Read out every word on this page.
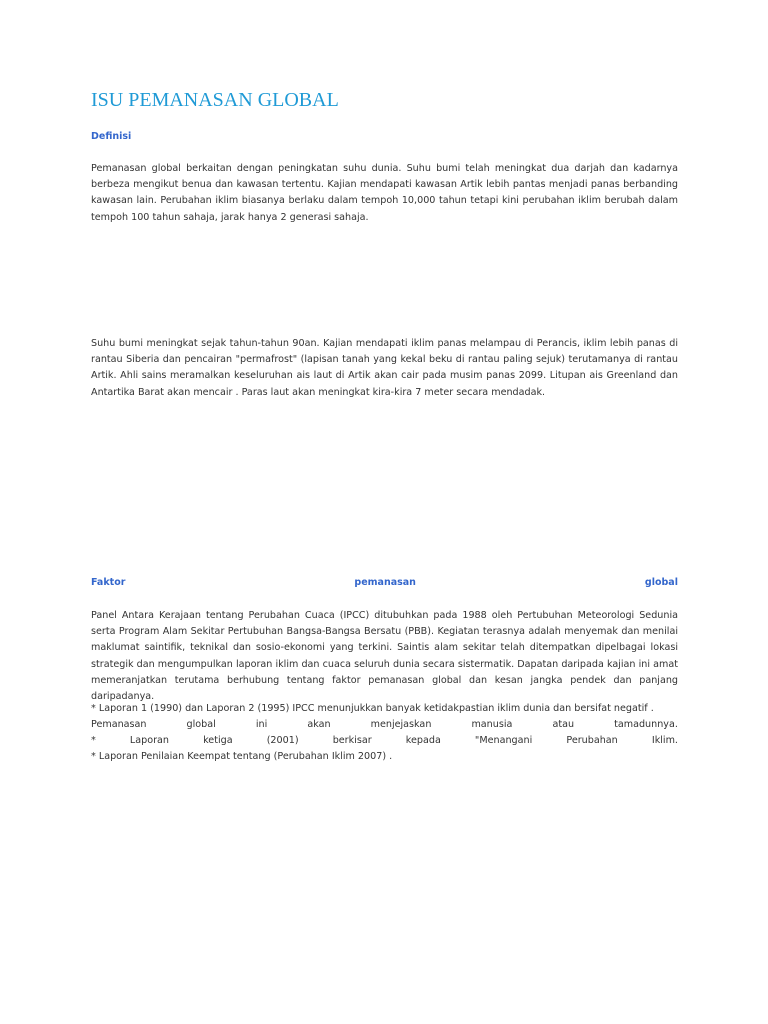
ISU PEMANASAN GLOBAL
Definisi

Pemanasan global berkaitan dengan peningkatan suhu dunia. Suhu bumi telah meningkat dua darjah dan kadarnya berbeza mengikut benua dan kawasan tertentu. Kajian mendapati kawasan Artik lebih pantas menjadi panas berbanding kawasan lain. Perubahan iklim biasanya berlaku dalam tempoh 10,000 tahun tetapi kini perubahan iklim berubah dalam tempoh 100 tahun sahaja, jarak hanya 2 generasi sahaja.

Suhu bumi meningkat sejak tahun-tahun 90an. Kajian mendapati iklim panas melampau di Perancis, iklim lebih panas di rantau Siberia dan pencairan "permafrost" (lapisan tanah yang kekal beku di rantau paling sejuk) terutamanya di rantau Artik. Ahli sains meramalkan keseluruhan ais laut di Artik akan cair pada musim panas 2099. Litupan ais Greenland dan Antartika Barat akan mencair . Paras laut akan meningkat kira-kira 7 meter secara mendadak.

Faktor	pemanasan	global

Panel Antara Kerajaan tentang Perubahan Cuaca (IPCC) ditubuhkan pada 1988 oleh Pertubuhan Meteorologi Sedunia serta Program Alam Sekitar Pertubuhan Bangsa-Bangsa Bersatu (PBB). Kegiatan terasnya adalah menyemak dan menilai maklumat saintifik, teknikal dan sosio-ekonomi yang terkini. Saintis alam sekitar telah ditempatkan dipelbagai lokasi strategik dan mengumpulkan laporan iklim dan cuaca seluruh dunia secara sistermatik. Dapatan daripada kajian ini amat memeranjatkan terutama berhubung tentang faktor pemanasan global dan kesan jangka pendek dan panjang daripadanya.

* Laporan 1 (1990) dan Laporan 2 (1995) IPCC menunjukkan banyak ketidakpastian iklim dunia dan bersifat negatif .
Pemanasan	global	ini	akan	menjejaskan	manusia	atau	tamadunnya.
*	Laporan	ketiga	(2001)	berkisar	kepada	"Menangani	Perubahan	Iklim.
* Laporan Penilaian Keempat tentang (Perubahan Iklim 2007) .
